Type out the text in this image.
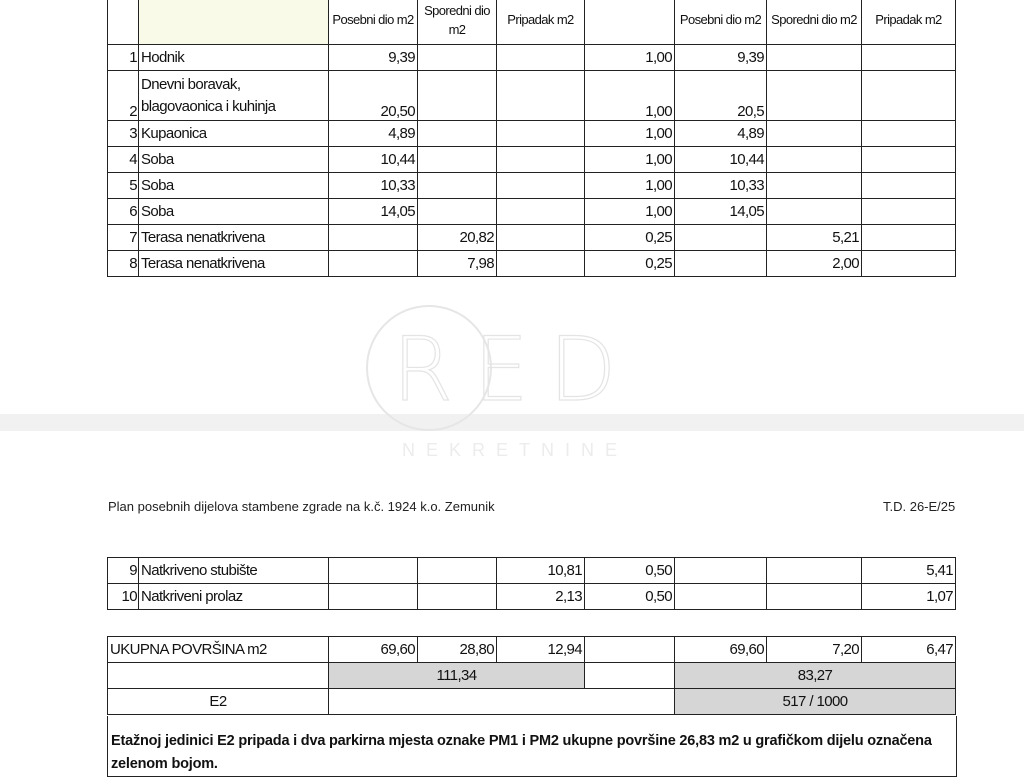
RED
NEKRETNINE
		Posebni dio m2	Sporedni dio m2	Pripadak m2		Posebni dio m2	Sporedni dio m2	Pripadak m2
1	Hodnik	9,39			1,00	9,39		
2	Dnevni boravak,
blagovaonica i kuhinja	20,50			1,00	20,5		
3	Kupaonica	4,89			1,00	4,89		
4	Soba	10,44			1,00	10,44		
5	Soba	10,33			1,00	10,33		
6	Soba	14,05			1,00	14,05		
7	Terasa nenatkrivena		20,82		0,25		5,21	
8	Terasa nenatkrivena		7,98		0,25		2,00	
Plan posebnih dijelova stambene zgrade na k.č. 1924 k.o. Zemunik	T.D. 26-E/25
9	Natkriveno stubište			10,81	0,50			5,41
10	Natkriveni prolaz			2,13	0,50			1,07
UKUPNA POVRŠINA m2	69,60	28,80	12,94		69,60	7,20	6,47
	111,34				83,27		
E2					517 / 1000		
Etažnoj jedinici E2 pripada i dva parkirna mjesta oznake PM1 i PM2 ukupne površine 26,83 m2 u grafičkom dijelu označena zelenom bojom.
